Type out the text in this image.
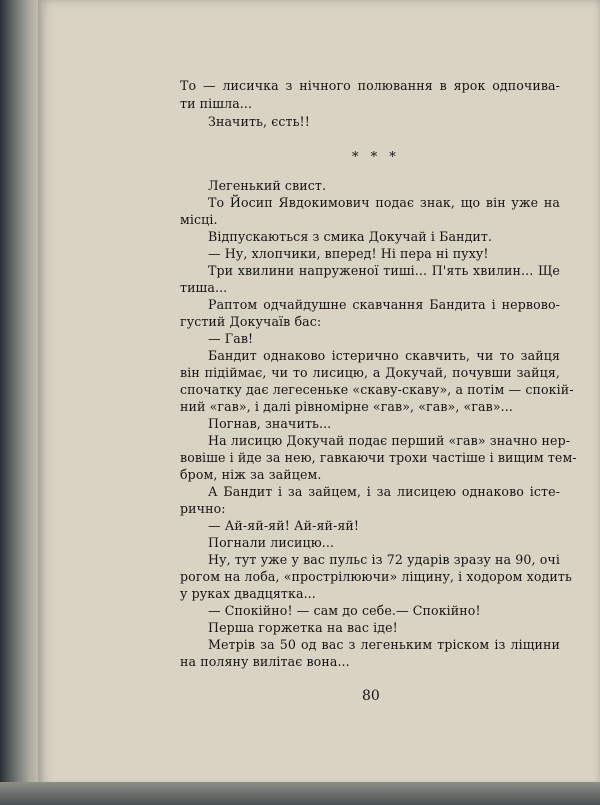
То — лисичка з нічного полювання в ярок одпочива-
ти пішла...
Значить, єсть!!
* * *
Легенький свист.
То Йосип Явдокимович подає знак, що він уже на
місці.
Відпускаються з смика Докучай і Бандит.
— Ну, хлопчики, вперед! Ні пера ні пуху!
Три хвилини напруженої тиші... П'ять хвилин... Ще
тиша...
Раптом одчайдушне скавчання Бандита і нервово-
густий Докучаїв бас:
— Гав!
Бандит однаково істерично скавчить, чи то зайця
він підіймає, чи то лисицю, а Докучай, почувши зайця,
спочатку дає легесеньке «скаву-скаву», а потім — спокій-
ний «гав», і далі рівномірне «гав», «гав», «гав»...
Погнав, значить...
На лисицю Докучай подає перший «гав» значно нер-
вовіше і йде за нею, гавкаючи трохи частіше і вищим тем-
бром, ніж за зайцем.
А Бандит і за зайцем, і за лисицею однаково істе-
рично:
— Ай-яй-яй! Ай-яй-яй!
Погнали лисицю...
Ну, тут уже у вас пульс із 72 ударів зразу на 90, очі
рогом на лоба, «прострілюючи» ліщину, і ходором ходить
у руках двадцятка...
— Спокійно! — сам до себе.— Спокійно!
Перша горжетка на вас іде!
Метрів за 50 од вас з легеньким тріском із ліщини
на поляну вилітає вона...
80
